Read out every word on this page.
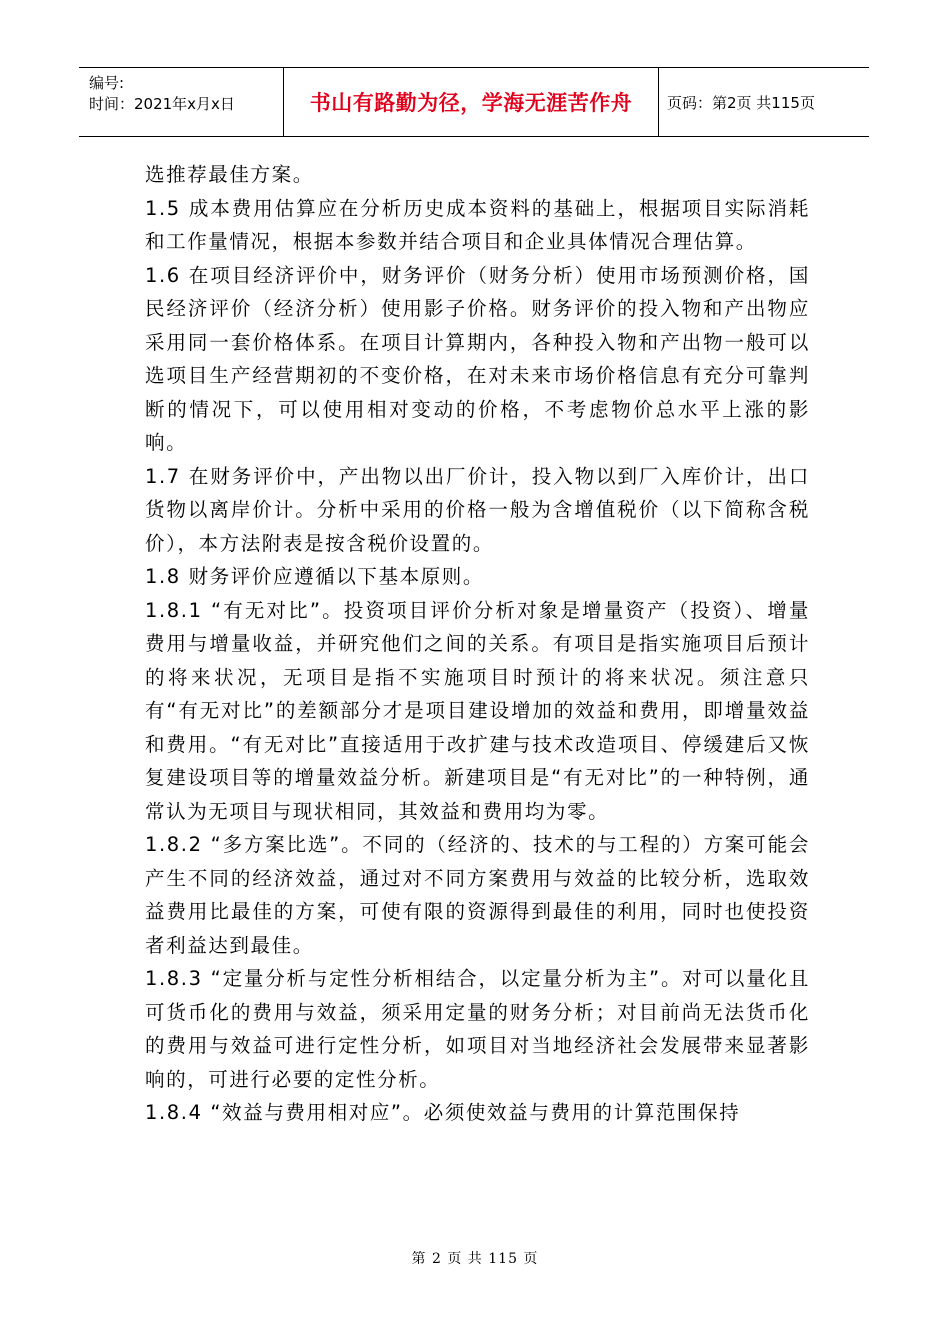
编号:
时间：2021年x月x日	书山有路勤为径，学海无涯苦作舟 页码：第2页 共115页

选推荐最佳方案。

1.5 成本费用估算应在分析历史成本资料的基础上，根据项目实际消耗和工作量情况，根据本参数并结合项目和企业具体情况合理估算。

1.6 在项目经济评价中，财务评价（财务分析）使用市场预测价格，国民经济评价（经济分析）使用影子价格。财务评价的投入物和产出物应采用同一套价格体系。在项目计算期内，各种投入物和产出物一般可以选项目生产经营期初的不变价格，在对未来市场价格信息有充分可靠判断的情况下，可以使用相对变动的价格，不考虑物价总水平上涨的影响。

1.7 在财务评价中，产出物以出厂价计，投入物以到厂入库价计，出口货物以离岸价计。分析中采用的价格一般为含增值税价（以下简称含税价），本方法附表是按含税价设置的。

1.8 财务评价应遵循以下基本原则。

1.8.1 “有无对比”。投资项目评价分析对象是增量资产（投资）、增量费用与增量收益，并研究他们之间的关系。有项目是指实施项目后预计的将来状况，无项目是指不实施项目时预计的将来状况。须注意只有“有无对比”的差额部分才是项目建设增加的效益和费用，即增量效益和费用。“有无对比”直接适用于改扩建与技术改造项目、停缓建后又恢复建设项目等的增量效益分析。新建项目是“有无对比”的一种特例，通常认为无项目与现状相同，其效益和费用均为零。

1.8.2 “多方案比选”。不同的（经济的、技术的与工程的）方案可能会产生不同的经济效益，通过对不同方案费用与效益的比较分析，选取效益费用比最佳的方案，可使有限的资源得到最佳的利用，同时也使投资者利益达到最佳。

1.8.3 “定量分析与定性分析相结合，以定量分析为主”。对可以量化且可货币化的费用与效益，须采用定量的财务分析；对目前尚无法货币化的费用与效益可进行定性分析，如项目对当地经济社会发展带来显著影响的，可进行必要的定性分析。

1.8.4 “效益与费用相对应”。必须使效益与费用的计算范围保持

第 2 页 共 115 页
